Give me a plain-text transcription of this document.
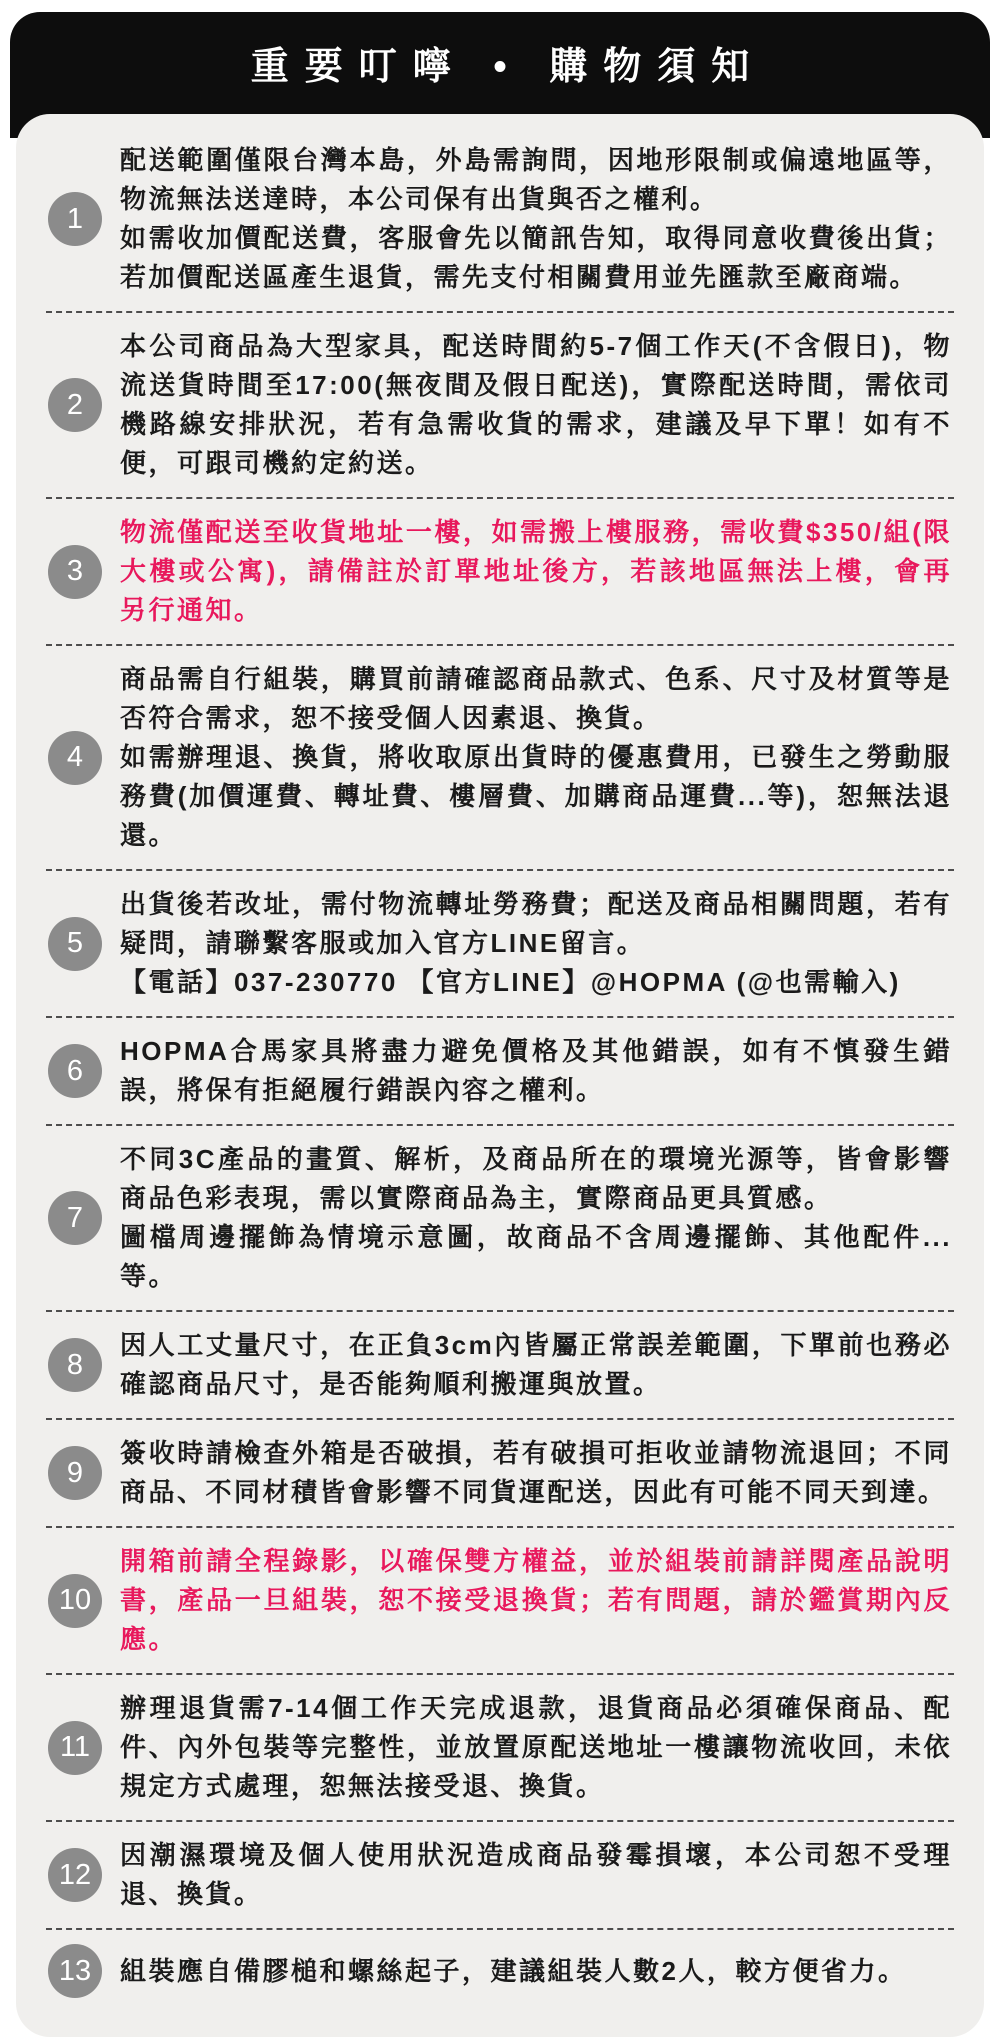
重要叮嚀 • 購物須知
1

配送範圍僅限台灣本島，外島需詢問，因地形限制或偏遠地區等，物流無法送達時，本公司保有出貨與否之權利。

如需收加價配送費，客服會先以簡訊告知，取得同意收費後出貨；若加價配送區產生退貨，需先支付相關費用並先匯款至廠商端。

2

本公司商品為大型家具，配送時間約5-7個工作天(不含假日)，物流送貨時間至17:00(無夜間及假日配送)，實際配送時間，需依司機路線安排狀況，若有急需收貨的需求，建議及早下單！如有不便，可跟司機約定約送。

3

物流僅配送至收貨地址一樓，如需搬上樓服務，需收費$350/組(限大樓或公寓)，請備註於訂單地址後方，若該地區無法上樓，會再另行通知。

4

商品需自行組裝，購買前請確認商品款式、色系、尺寸及材質等是否符合需求，恕不接受個人因素退、換貨。

如需辦理退、換貨，將收取原出貨時的優惠費用，已發生之勞動服務費(加價運費、轉址費、樓層費、加購商品運費...等)，恕無法退還。

5

出貨後若改址，需付物流轉址勞務費；配送及商品相關問題，若有疑問，請聯繫客服或加入官方LINE留言。

【電話】037-230770 【官方LINE】@HOPMA (@也需輸入)

6

HOPMA合馬家具將盡力避免價格及其他錯誤，如有不慎發生錯誤，將保有拒絕履行錯誤內容之權利。

7

不同3C產品的畫質、解析，及商品所在的環境光源等，皆會影響商品色彩表現，需以實際商品為主，實際商品更具質感。

圖檔周邊擺飾為情境示意圖，故商品不含周邊擺飾、其他配件...等。

8

因人工丈量尺寸，在正負3cm內皆屬正常誤差範圍，下單前也務必確認商品尺寸，是否能夠順利搬運與放置。

9

簽收時請檢查外箱是否破損，若有破損可拒收並請物流退回；不同商品、不同材積皆會影響不同貨運配送，因此有可能不同天到達。

10

開箱前請全程錄影，以確保雙方權益，並於組裝前請詳閱產品說明書，產品一旦組裝，恕不接受退換貨；若有問題，請於鑑賞期內反應。

11

辦理退貨需7-14個工作天完成退款，退貨商品必須確保商品、配件、內外包裝等完整性，並放置原配送地址一樓讓物流收回，未依規定方式處理，恕無法接受退、換貨。

12

因潮濕環境及個人使用狀況造成商品發霉損壞，本公司恕不受理退、換貨。

13	組裝應自備膠槌和螺絲起子，建議組裝人數2人，較方便省力。
